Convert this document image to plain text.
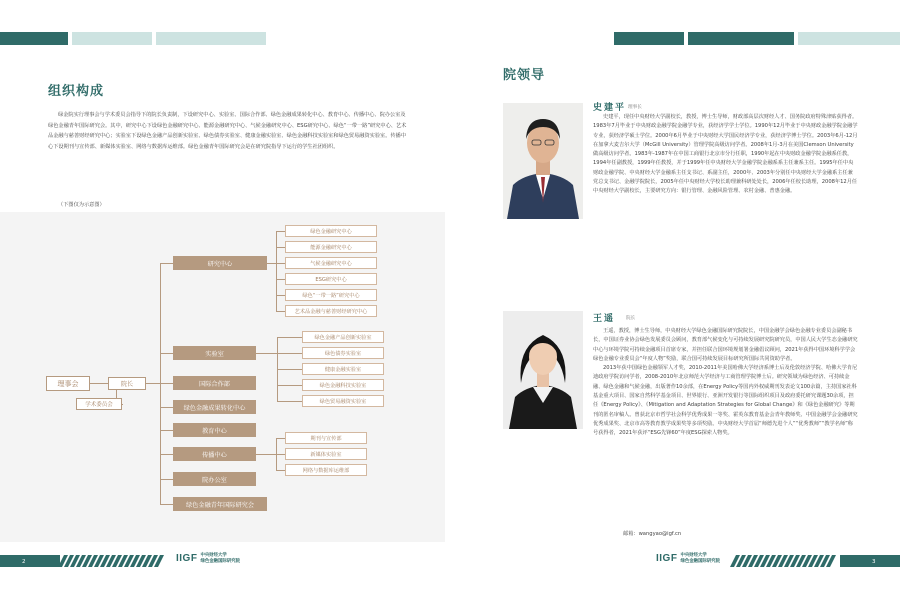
组织构成

绿金院实行理事会与学术委员会指导下的院长负责制，下设研究中心、实验室、国际合作部、绿色金融成果转化中心、教育中心、传播中心、院办公室及绿色金融青年国际研究会。其中，研究中心下设绿色金融研究中心、能源金融研究中心、气候金融研究中心、ESG研究中心、绿色“一带一路”研究中心、艺术品金融与慈善财经研究中心；实验室下设绿色金融产品创新实验室、绿色债券实验室、健康金融实验室、绿色金融科技实验室和绿色贸易融资实验室。传播中心下设期刊与宣传部、新媒体实验室、网络与数据库运维部。绿色金融青年国际研究会是在研究院指导下运行的学生社团组织。

（下图仅为示意图）

理事会	院长
学术委员会
研究中心
绿色金融研究中心
能源金融研究中心
气候金融研究中心
ESG研究中心
绿色“一带一路”研究中心
艺术品金融与慈善财经研究中心
实验室
绿色金融产品创新实验室
绿色债券实验室
健康金融实验室
绿色金融科技实验室
绿色贸易融资实验室
国际合作部
绿色金融成果转化中心
教育中心
传播中心
期刊与宣传部
新媒体实验室
网络与数据库运维部
院办公室
绿色金融青年国际研究会
院领导

史建平 理事长

史建平，现任中央财经大学副校长，教授，博士生导师，财政部高层次财经人才、国务院政府特殊津贴获得者。1983年7月毕业于中央财政金融学院金融学专业，获经济学学士学位。1990年12月毕业于中央财政金融学院金融学专业，获经济学硕士学位。2000年6月毕业于中央财经大学国民经济学专业，获经济学博士学位。2003年6月-12月在加拿大麦吉尔大学（McGill University）管理学院高级访问学者。2008年1月-3月在美国Clemson University做高级访问学者。1983年-1987年在中国工商银行北京市分行任职，1990年起在中央财政金融学院金融系任教，1994年任副教授，1999年任教授，并于1999年任中央财经大学金融学院金融系系主任兼系主任。1995年任中央财政金融学院、中央财经大学金融系主任支书记、系副主任，2000年、2003年分别任中央财经大学金融系主任兼党总支书记、金融学院院长，2005年任中央财经大学校长助理兼科研处处长，2006年任校长助理，2008年12月任中央财经大学副校长，主要研究方向：银行管理、金融风险管理、农村金融、普惠金融。

王遥 院长

王遥，教授，博士生导师，中央财经大学绿色金融国际研究院院长，中国金融学会绿色金融专业委员会副秘书长，中国证券业协会绿色发展委员会顾问，教育部气候变化与可持续发展研究院研究员，中国人民大学生态金融研究中心与环境学院可持续金融项目首席专家，并担任联合国环境规划署金融倡议顾问，2021年获得中国环境科学学会绿色金融专业委员会“年度人物”奖励，联合国可持续发展目标研究所国际共同资助学者。

2013年获中国绿色金融领军人才奖，2010-2011年美国哈佛大学经济系博士后及伦敦经济学院、哈佛大学肯尼迪政府学院访问学者，2008-2010年北京师范大学经济与工商管理学院博士后。研究领域为绿色经济、可持续金融、绿色金融和气候金融，出版著作10余部，在Energy Policy等国内外权威期刊发表论文100余篇，主持国家社科基金重大项目、国家自然科学基金项目、世界银行、亚洲开发银行等国际组织项目及政府委托研究课题30余项，担任《Energy Policy》、《Mitigation and Adaptation Strategies for Global Change》和《绿色金融研究》等期刊的匿名审稿人。曾获北京市哲学社会科学优秀成果一等奖、霍英东教育基金会青年教师奖、中国金融学会金融研究优秀成果奖、北京市高等教育教学成果奖等多项奖励。中央财经大学首届“师德先进个人”“优秀教师”“教学名师”称号获得者，2021年获评“ESG先锋60”年度ESG探索人物奖。

邮箱：wangyao@igf.cn

2	IIGF 中央财经大学
绿色金融国际研究院	IIGF 中央财经大学
绿色金融国际研究院	3
